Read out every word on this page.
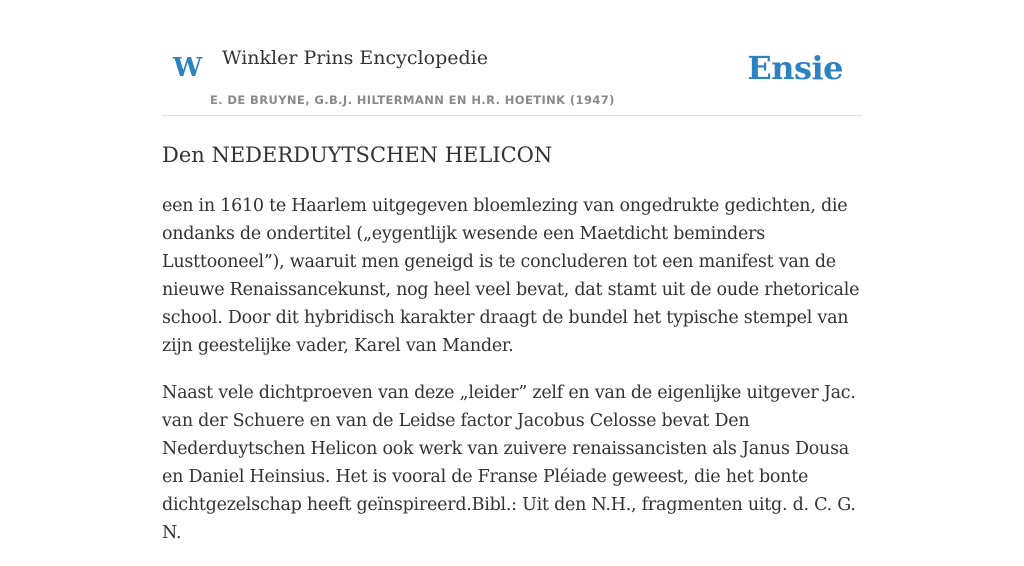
W Winkler Prins Encyclopedie
E. DE BRUYNE, G.B.J. HILTERMANN EN H.R. HOETINK (1947)
Ensie
Den NEDERDUYTSCHEN HELICON

een in 1610 te Haarlem uitgegeven bloemlezing van ongedrukte gedichten, die ondanks de ondertitel („eygentlijk wesende een Maetdicht beminders Lusttooneel”), waaruit men geneigd is te concluderen tot een manifest van de nieuwe Renaissancekunst, nog heel veel bevat, dat stamt uit de oude rhetoricale school. Door dit hybridisch karakter draagt de bundel het typische stempel van zijn geestelijke vader, Karel van Mander.

Naast vele dichtproeven van deze „leider” zelf en van de eigenlijke uitgever Jac. van der Schuere en van de Leidse factor Jacobus Celosse bevat Den Nederduytschen Helicon ook werk van zuivere renaissancisten als Janus Dousa en Daniel Heinsius. Het is vooral de Franse Pléiade geweest, die het bonte dichtgezelschap heeft geïnspireerd.Bibl.: Uit den N.H., fragmenten uitg. d. C. G. N.
